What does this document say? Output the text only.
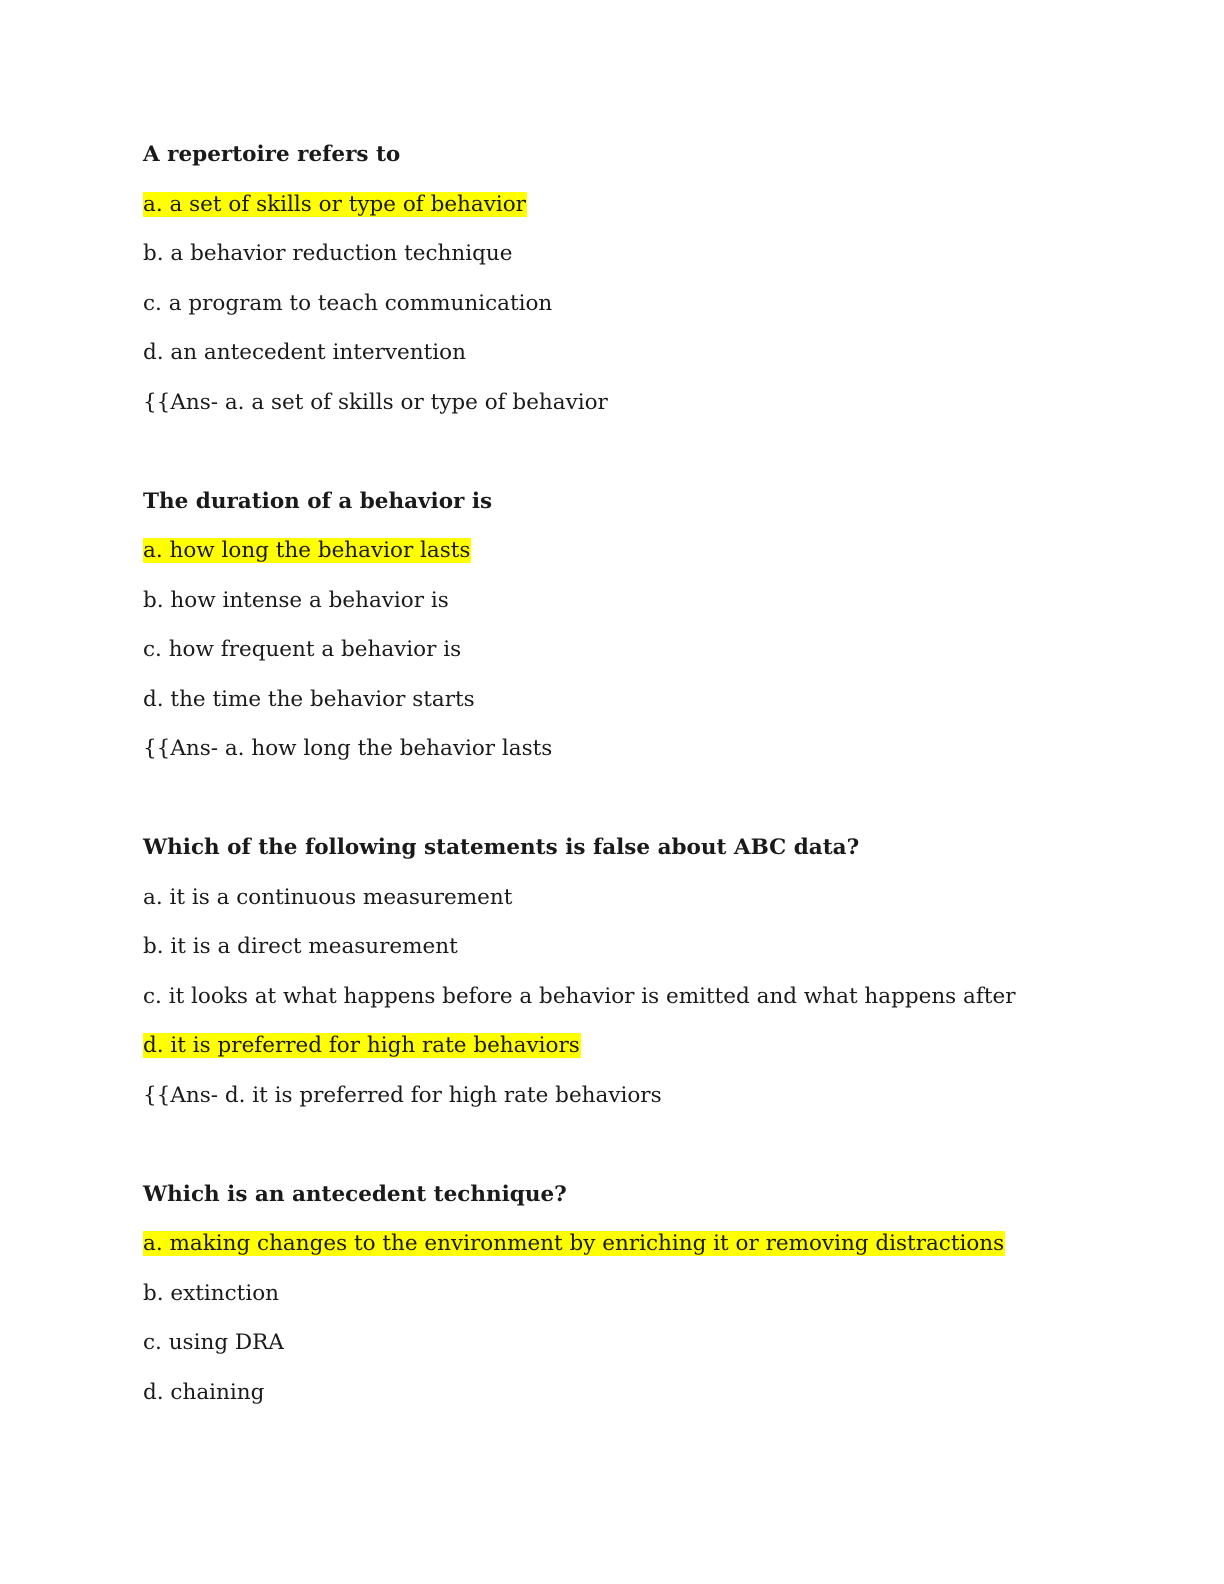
A repertoire refers to
a. a set of skills or type of behavior
b. a behavior reduction technique
c. a program to teach communication
d. an antecedent intervention
{{Ans- a. a set of skills or type of behavior
The duration of a behavior is
a. how long the behavior lasts
b. how intense a behavior is
c. how frequent a behavior is
d. the time the behavior starts
{{Ans- a. how long the behavior lasts
Which of the following statements is false about ABC data?
a. it is a continuous measurement
b. it is a direct measurement
c. it looks at what happens before a behavior is emitted and what happens after
d. it is preferred for high rate behaviors
{{Ans- d. it is preferred for high rate behaviors
Which is an antecedent technique?
a. making changes to the environment by enriching it or removing distractions
b. extinction
c. using DRA
d. chaining
